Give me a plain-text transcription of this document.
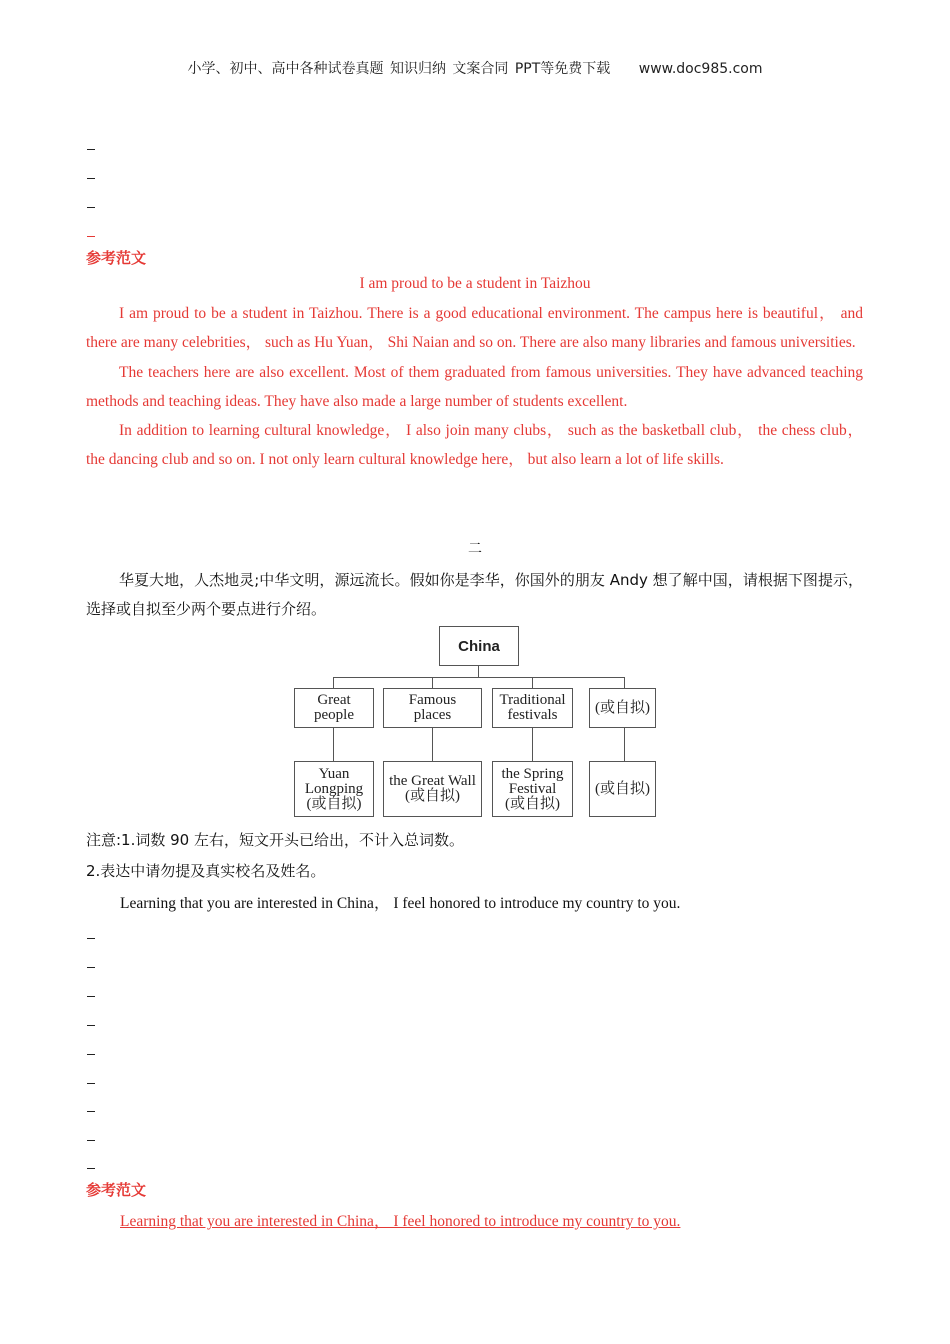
小学、初中、高中各种试卷真题 知识归纳 文案合同 PPT等免费下载 www.doc985.com
参考范文
I am proud to be a student in Taizhou

I am proud to be a student in Taizhou. There is a good educational environment. The campus here is beautiful， and there are many celebrities， such as Hu Yuan， Shi Naian and so on. There are also many libraries and famous universities.

The teachers here are also excellent. Most of them graduated from famous universities. They have advanced teaching methods and teaching ideas. They have also made a large number of students excellent.

In addition to learning cultural knowledge， I also join many clubs， such as the basketball club， the chess club， the dancing club and so on. I not only learn cultural knowledge here， but also learn a lot of life skills.

二
华夏大地，人杰地灵;中华文明，源远流长。假如你是李华，你国外的朋友 Andy 想了解中国，请根据下图提示，选择或自拟至少两个要点进行介绍。
China
Great
people
Famous
places
Traditional
festivals	(或自拟)
Yuan
Longping
(或自拟)
the Great Wall
(或自拟)
the Spring
Festival
(或自拟)
(或自拟)
注意:1.词数 90 左右，短文开头已给出，不计入总词数。
2.表达中请勿提及真实校名及姓名。
Learning that you are interested in China， I feel honored to introduce my country to you.
参考范文
Learning that you are interested in China， I feel honored to introduce my country to you.
